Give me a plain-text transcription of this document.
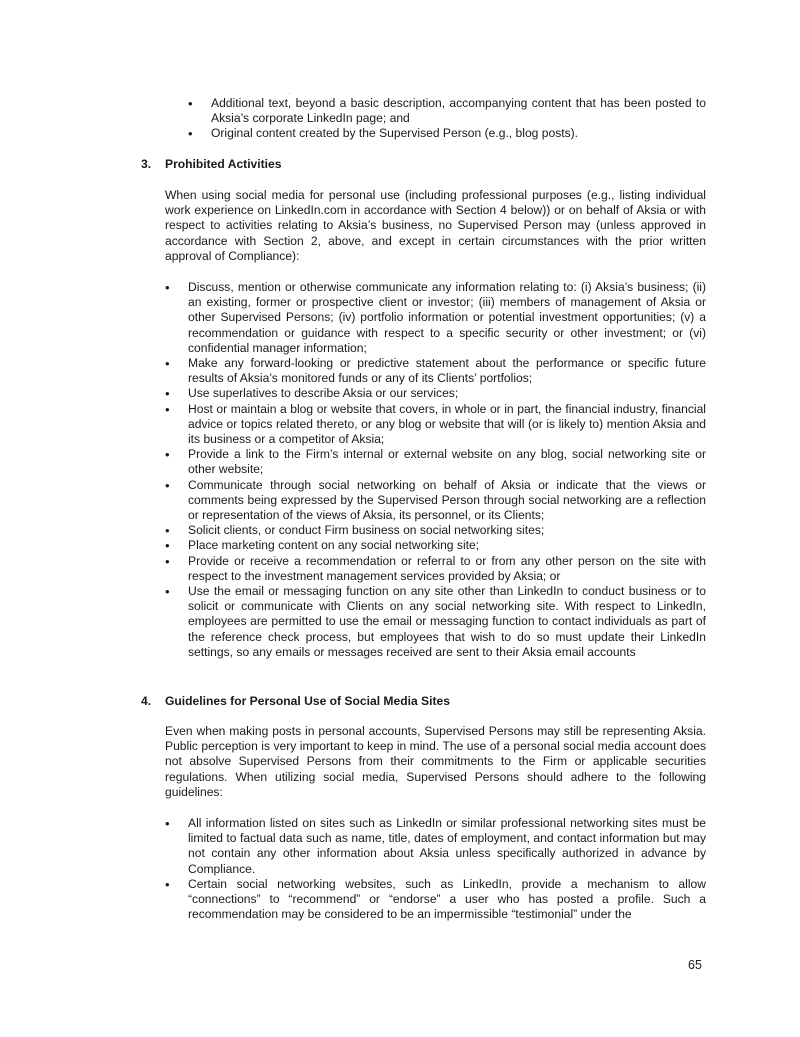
.
•	Additional text, beyond a basic description, accompanying content that has been posted to Aksia’s corporate LinkedIn page; and
•	Original content created by the Supervised Person (e.g., blog posts).
3.	Prohibited Activities
When using social media for personal use (including professional purposes (e.g., listing individual work experience on LinkedIn.com in accordance with Section 4 below)) or on behalf of Aksia or with respect to activities relating to Aksia’s business, no Supervised Person may (unless approved in accordance with Section 2, above, and except in certain circumstances with the prior written approval of Compliance):
•	Discuss, mention or otherwise communicate any information relating to: (i) Aksia’s business; (ii) an existing, former or prospective client or investor; (iii) members of management of Aksia or other Supervised Persons; (iv) portfolio information or potential investment opportunities; (v) a recommendation or guidance with respect to a specific security or other investment; or (vi) confidential manager information;
•	Make any forward-looking or predictive statement about the performance or specific future results of Aksia’s monitored funds or any of its Clients’ portfolios;
•	Use superlatives to describe Aksia or our services;
•	Host or maintain a blog or website that covers, in whole or in part, the financial industry, financial advice or topics related thereto, or any blog or website that will (or is likely to) mention Aksia and its business or a competitor of Aksia;
•	Provide a link to the Firm’s internal or external website on any blog, social networking site or other website;
•	Communicate through social networking on behalf of Aksia or indicate that the views or comments being expressed by the Supervised Person through social networking are a reflection or representation of the views of Aksia, its personnel, or its Clients;
•	Solicit clients, or conduct Firm business on social networking sites;
•	Place marketing content on any social networking site;
•	Provide or receive a recommendation or referral to or from any other person on the site with respect to the investment management services provided by Aksia; or
•	Use the email or messaging function on any site other than LinkedIn to conduct business or to solicit or communicate with Clients on any social networking site. With respect to LinkedIn, employees are permitted to use the email or messaging function to contact individuals as part of the reference check process, but employees that wish to do so must update their LinkedIn settings, so any emails or messages received are sent to their Aksia email accounts
4.	Guidelines for Personal Use of Social Media Sites
Even when making posts in personal accounts, Supervised Persons may still be representing Aksia. Public perception is very important to keep in mind. The use of a personal social media account does not absolve Supervised Persons from their commitments to the Firm or applicable securities regulations. When utilizing social media, Supervised Persons should adhere to the following guidelines:
•	All information listed on sites such as LinkedIn or similar professional networking sites must be limited to factual data such as name, title, dates of employment, and contact information but may not contain any other information about Aksia unless specifically authorized in advance by Compliance.
•	Certain social networking websites, such as LinkedIn, provide a mechanism to allow “connections” to “recommend” or “endorse” a user who has posted a profile. Such a recommendation may be considered to be an impermissible “testimonial” under the
65
